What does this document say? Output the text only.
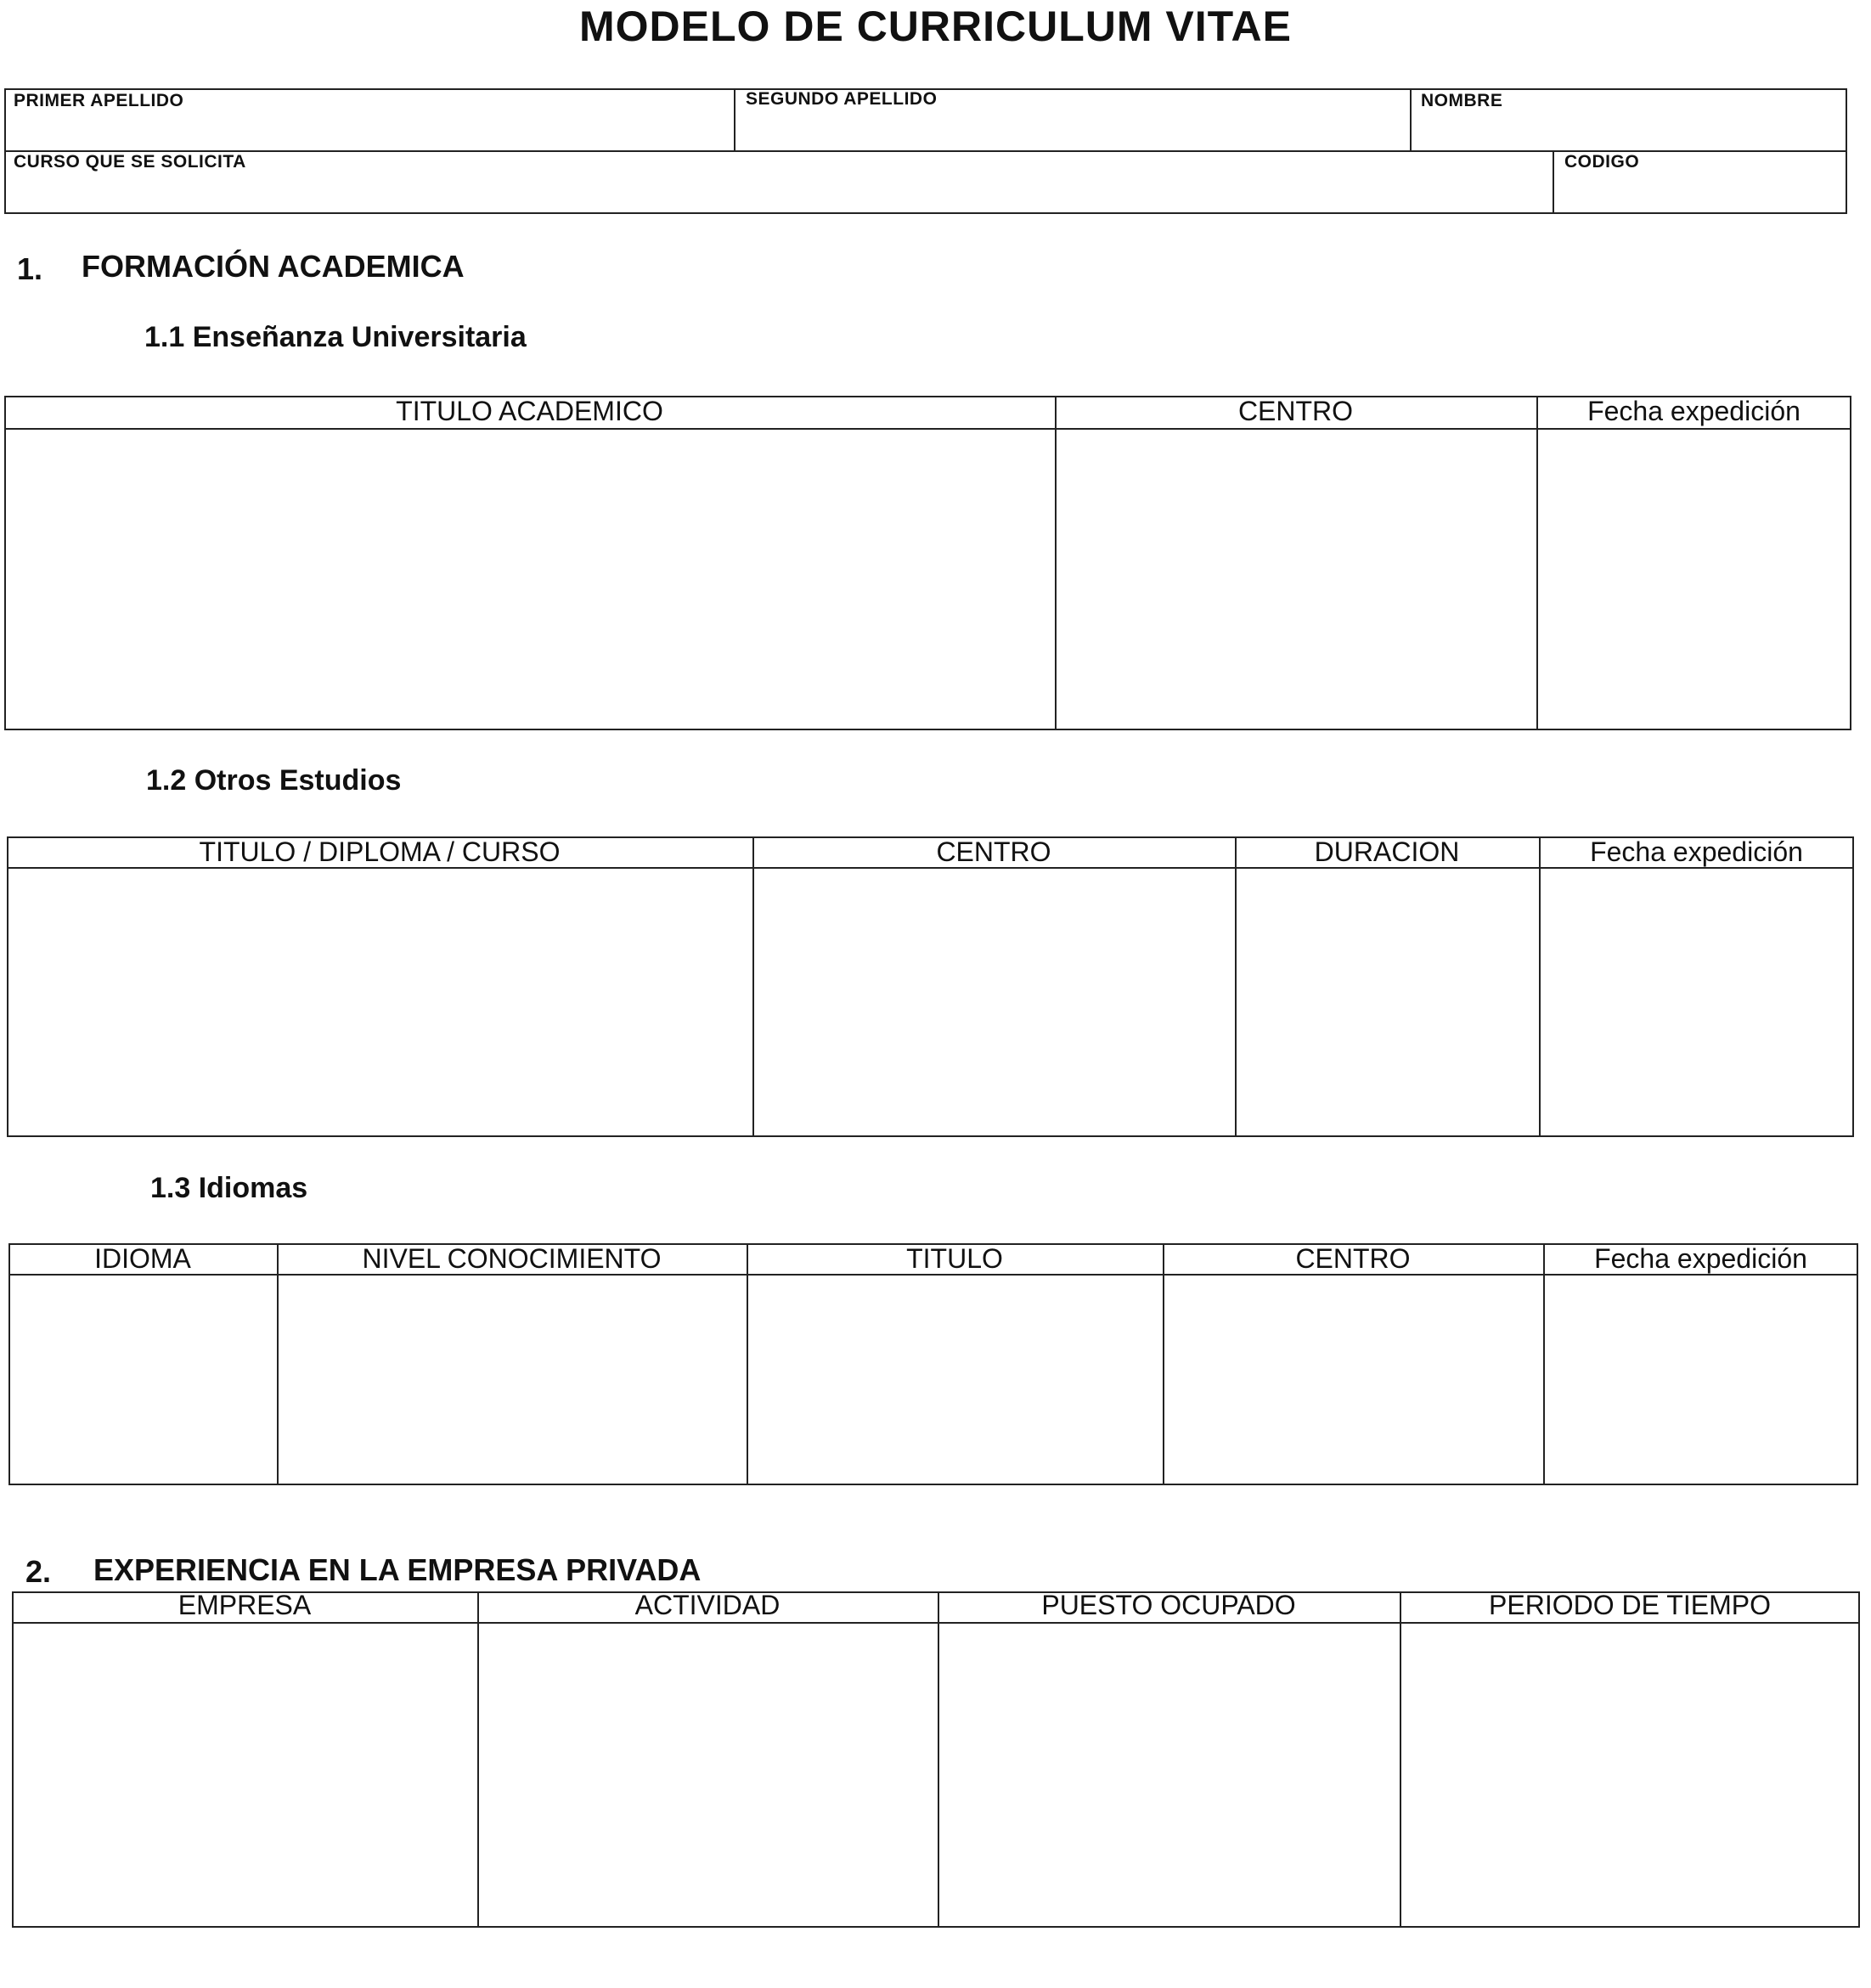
MODELO DE CURRICULUM VITAE
PRIMER APELLIDO	SEGUNDO APELLIDO	NOMBRE
CURSO QUE SE SOLICITA	CODIGO
1. FORMACIÓN ACADEMICA
1.1 Enseñanza Universitaria
TITULO ACADEMICO	CENTRO	Fecha expedición
1.2 Otros Estudios
TITULO / DIPLOMA / CURSO	CENTRO	DURACION	Fecha expedición
1.3 Idiomas
IDIOMA	NIVEL CONOCIMIENTO	TITULO	CENTRO	Fecha expedición
2. EXPERIENCIA EN LA EMPRESA PRIVADA
EMPRESA	ACTIVIDAD	PUESTO OCUPADO	PERIODO DE TIEMPO
